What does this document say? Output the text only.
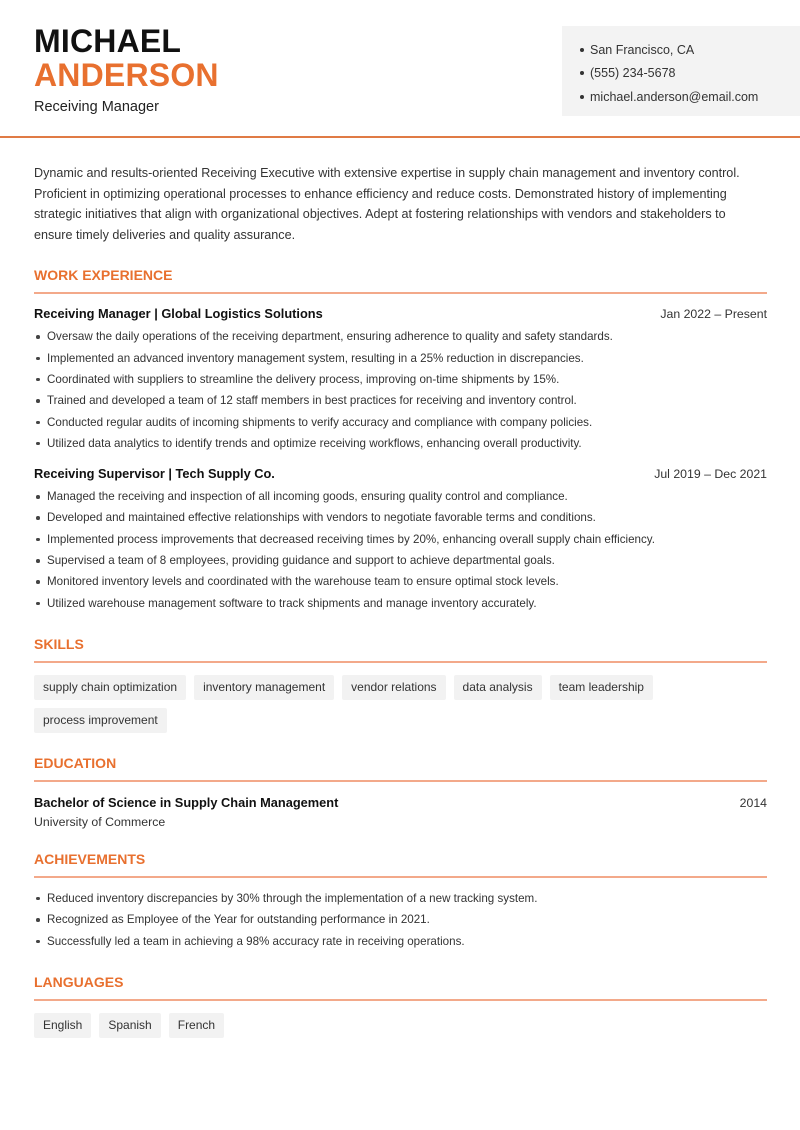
MICHAEL
ANDERSON
Receiving Manager
San Francisco, CA
(555) 234-5678
michael.anderson@email.com

Dynamic and results-oriented Receiving Executive with extensive expertise in supply chain management and inventory control. Proficient in optimizing operational processes to enhance efficiency and reduce costs. Demonstrated history of implementing strategic initiatives that align with organizational objectives. Adept at fostering relationships with vendors and stakeholders to ensure timely deliveries and quality assurance.

WORK EXPERIENCE
Receiving Manager | Global Logistics Solutions	Jan 2022 – Present
Oversaw the daily operations of the receiving department, ensuring adherence to quality and safety standards.
Implemented an advanced inventory management system, resulting in a 25% reduction in discrepancies.
Coordinated with suppliers to streamline the delivery process, improving on-time shipments by 15%.
Trained and developed a team of 12 staff members in best practices for receiving and inventory control.
Conducted regular audits of incoming shipments to verify accuracy and compliance with company policies.
Utilized data analytics to identify trends and optimize receiving workflows, enhancing overall productivity.
Receiving Supervisor | Tech Supply Co.	Jul 2019 – Dec 2021
Managed the receiving and inspection of all incoming goods, ensuring quality control and compliance.
Developed and maintained effective relationships with vendors to negotiate favorable terms and conditions.
Implemented process improvements that decreased receiving times by 20%, enhancing overall supply chain efficiency.
Supervised a team of 8 employees, providing guidance and support to achieve departmental goals.
Monitored inventory levels and coordinated with the warehouse team to ensure optimal stock levels.
Utilized warehouse management software to track shipments and manage inventory accurately.
SKILLS
supply chain optimization	inventory management	vendor relations	data analysis	team leadership
process improvement
EDUCATION
Bachelor of Science in Supply Chain Management	2014
University of Commerce
ACHIEVEMENTS
Reduced inventory discrepancies by 30% through the implementation of a new tracking system.
Recognized as Employee of the Year for outstanding performance in 2021.
Successfully led a team in achieving a 98% accuracy rate in receiving operations.
LANGUAGES
English	Spanish	French
